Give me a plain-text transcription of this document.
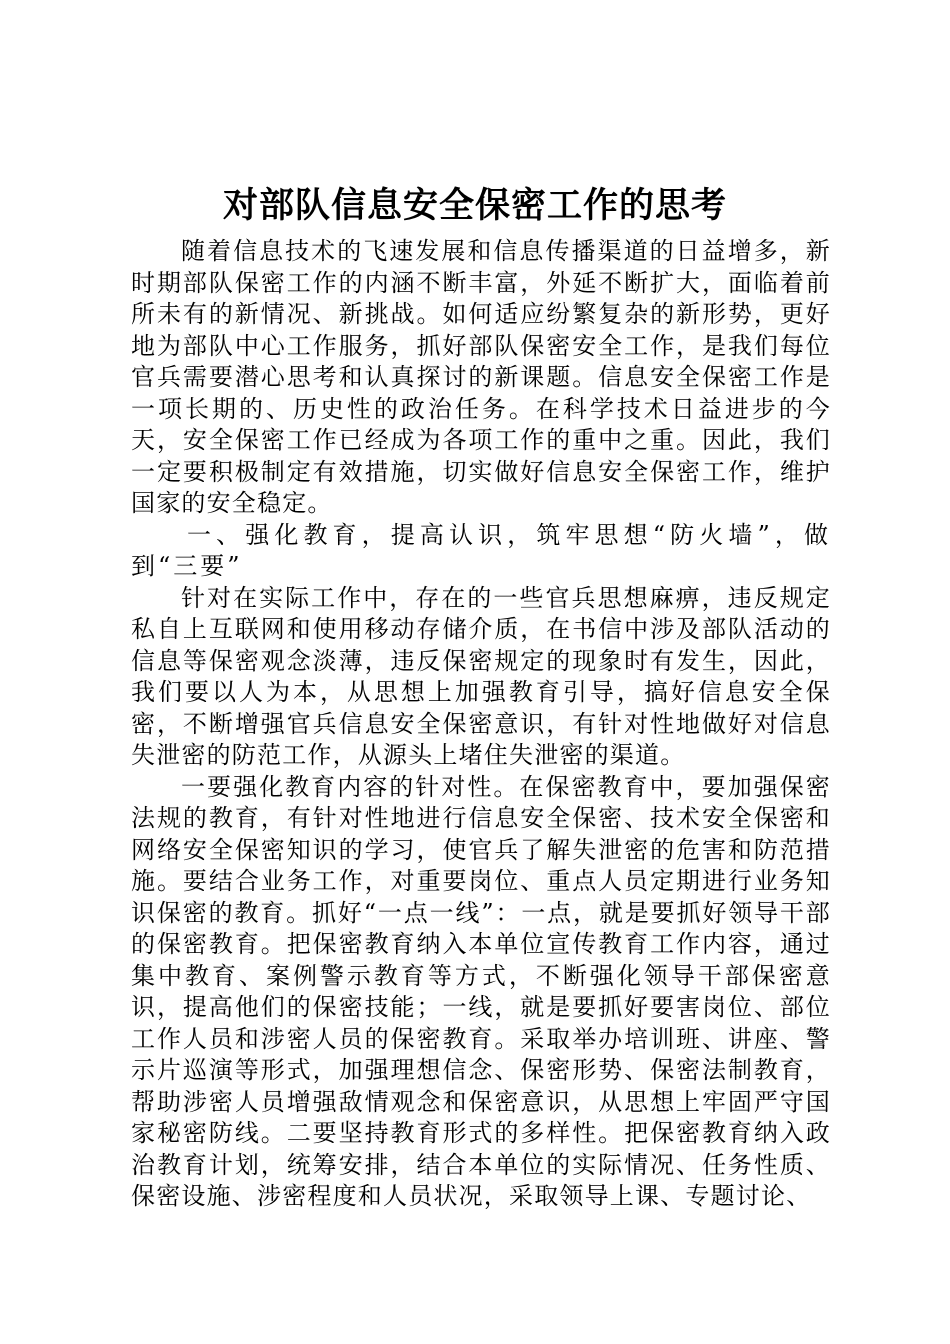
对部队信息安全保密工作的思考

随着信息技术的飞速发展和信息传播渠道的日益增多，新时期部队保密工作的内涵不断丰富，外延不断扩大，面临着前所未有的新情况、新挑战。如何适应纷繁复杂的新形势，更好地为部队中心工作服务，抓好部队保密安全工作，是我们每位官兵需要潜心思考和认真探讨的新课题。信息安全保密工作是一项长期的、历史性的政治任务。在科学技术日益进步的今天，安全保密工作已经成为各项工作的重中之重。因此，我们一定要积极制定有效措施，切实做好信息安全保密工作，维护国家的安全稳定。

一、强化教育，提高认识，筑牢思想“防火墙”，做到“三要”

针对在实际工作中，存在的一些官兵思想麻痹，违反规定私自上互联网和使用移动存储介质，在书信中涉及部队活动的信息等保密观念淡薄，违反保密规定的现象时有发生，因此，我们要以人为本，从思想上加强教育引导，搞好信息安全保密，不断增强官兵信息安全保密意识，有针对性地做好对信息失泄密的防范工作，从源头上堵住失泄密的渠道。

一要强化教育内容的针对性。在保密教育中，要加强保密法规的教育，有针对性地进行信息安全保密、技术安全保密和网络安全保密知识的学习，使官兵了解失泄密的危害和防范措施。要结合业务工作，对重要岗位、重点人员定期进行业务知识保密的教育。抓好“一点一线”：一点，就是要抓好领导干部的保密教育。把保密教育纳入本单位宣传教育工作内容，通过集中教育、案例警示教育等方式，不断强化领导干部保密意识，提高他们的保密技能；一线，就是要抓好要害岗位、部位工作人员和涉密人员的保密教育。采取举办培训班、讲座、警示片巡演等形式，加强理想信念、保密形势、保密法制教育，帮助涉密人员增强敌情观念和保密意识，从思想上牢固严守国家秘密防线。二要坚持教育形式的多样性。把保密教育纳入政治教育计划，统筹安排，结合本单位的实际情况、任务性质、保密设施、涉密程度和人员状况，采取领导上课、专题讨论、
